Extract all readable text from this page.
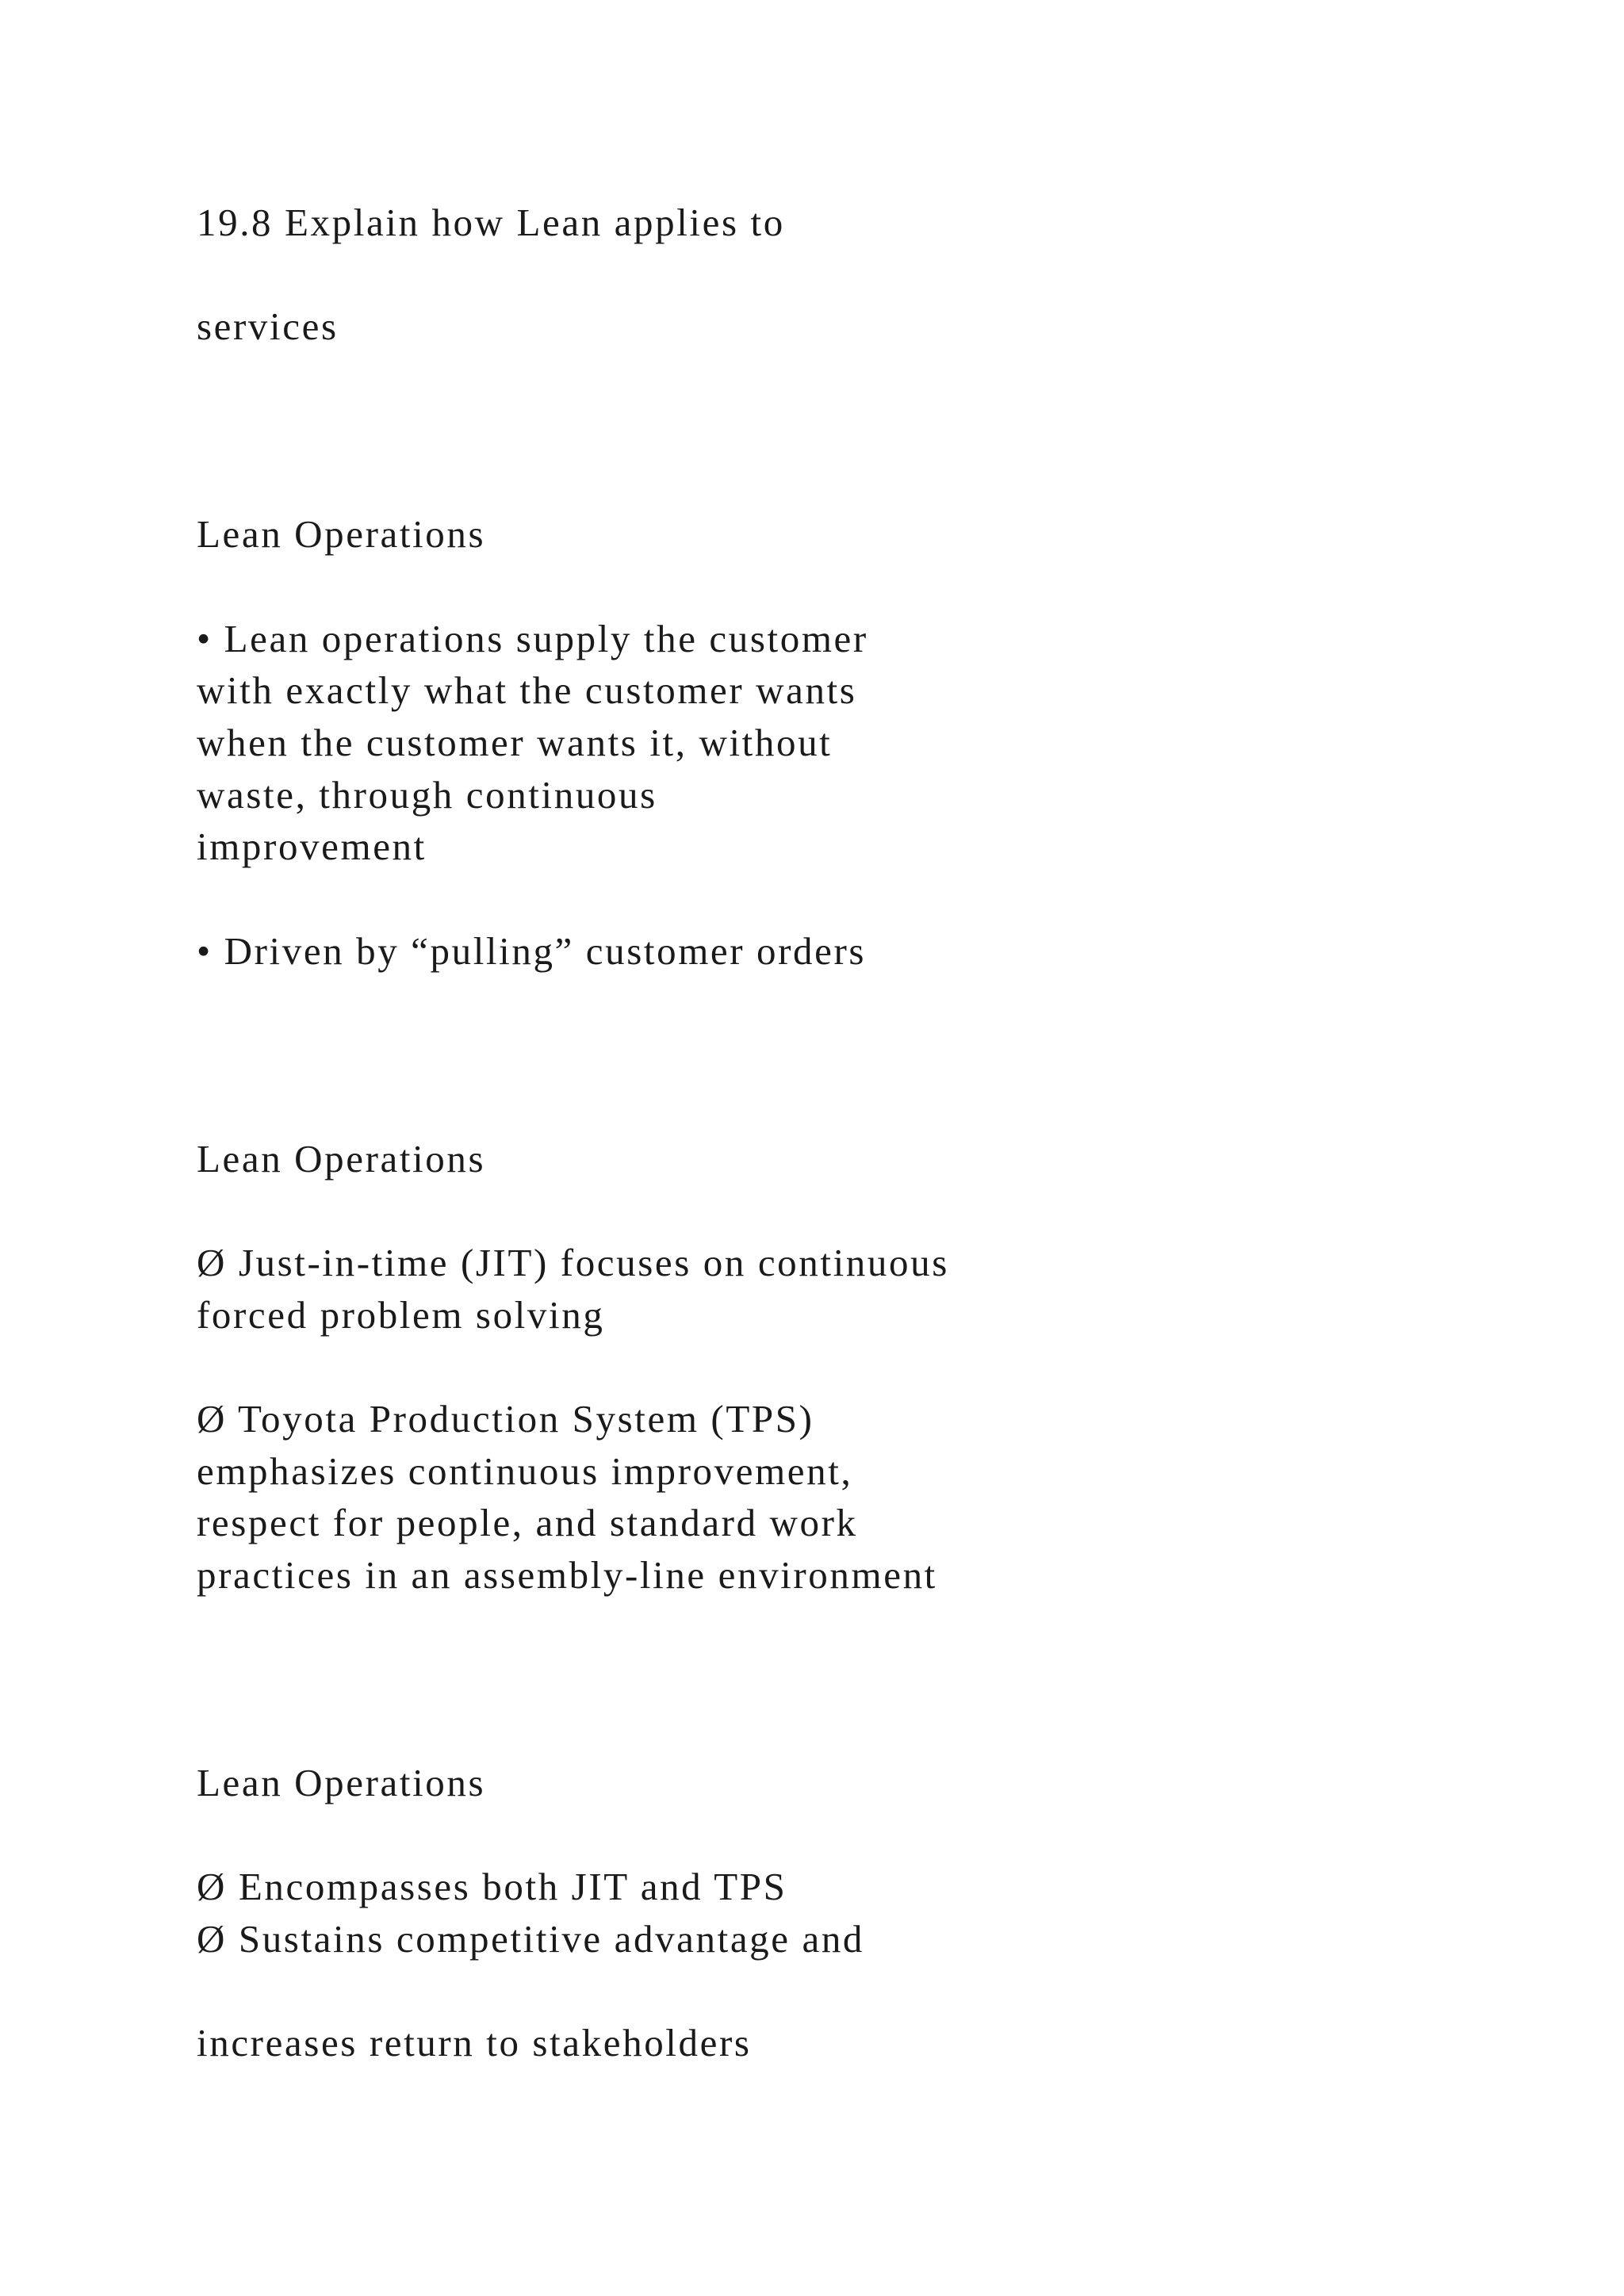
19.8 Explain how Lean applies to

services

Lean Operations

• Lean operations supply the customer

with exactly what the customer wants

when the customer wants it, without

waste, through continuous

improvement

• Driven by “pulling” customer orders

Lean Operations

Ø Just-in-time (JIT) focuses on continuous

forced problem solving

Ø Toyota Production System (TPS)

emphasizes continuous improvement,

respect for people, and standard work

practices in an assembly-line environment

Lean Operations

Ø Encompasses both JIT and TPS

Ø Sustains competitive advantage and

increases return to stakeholders
